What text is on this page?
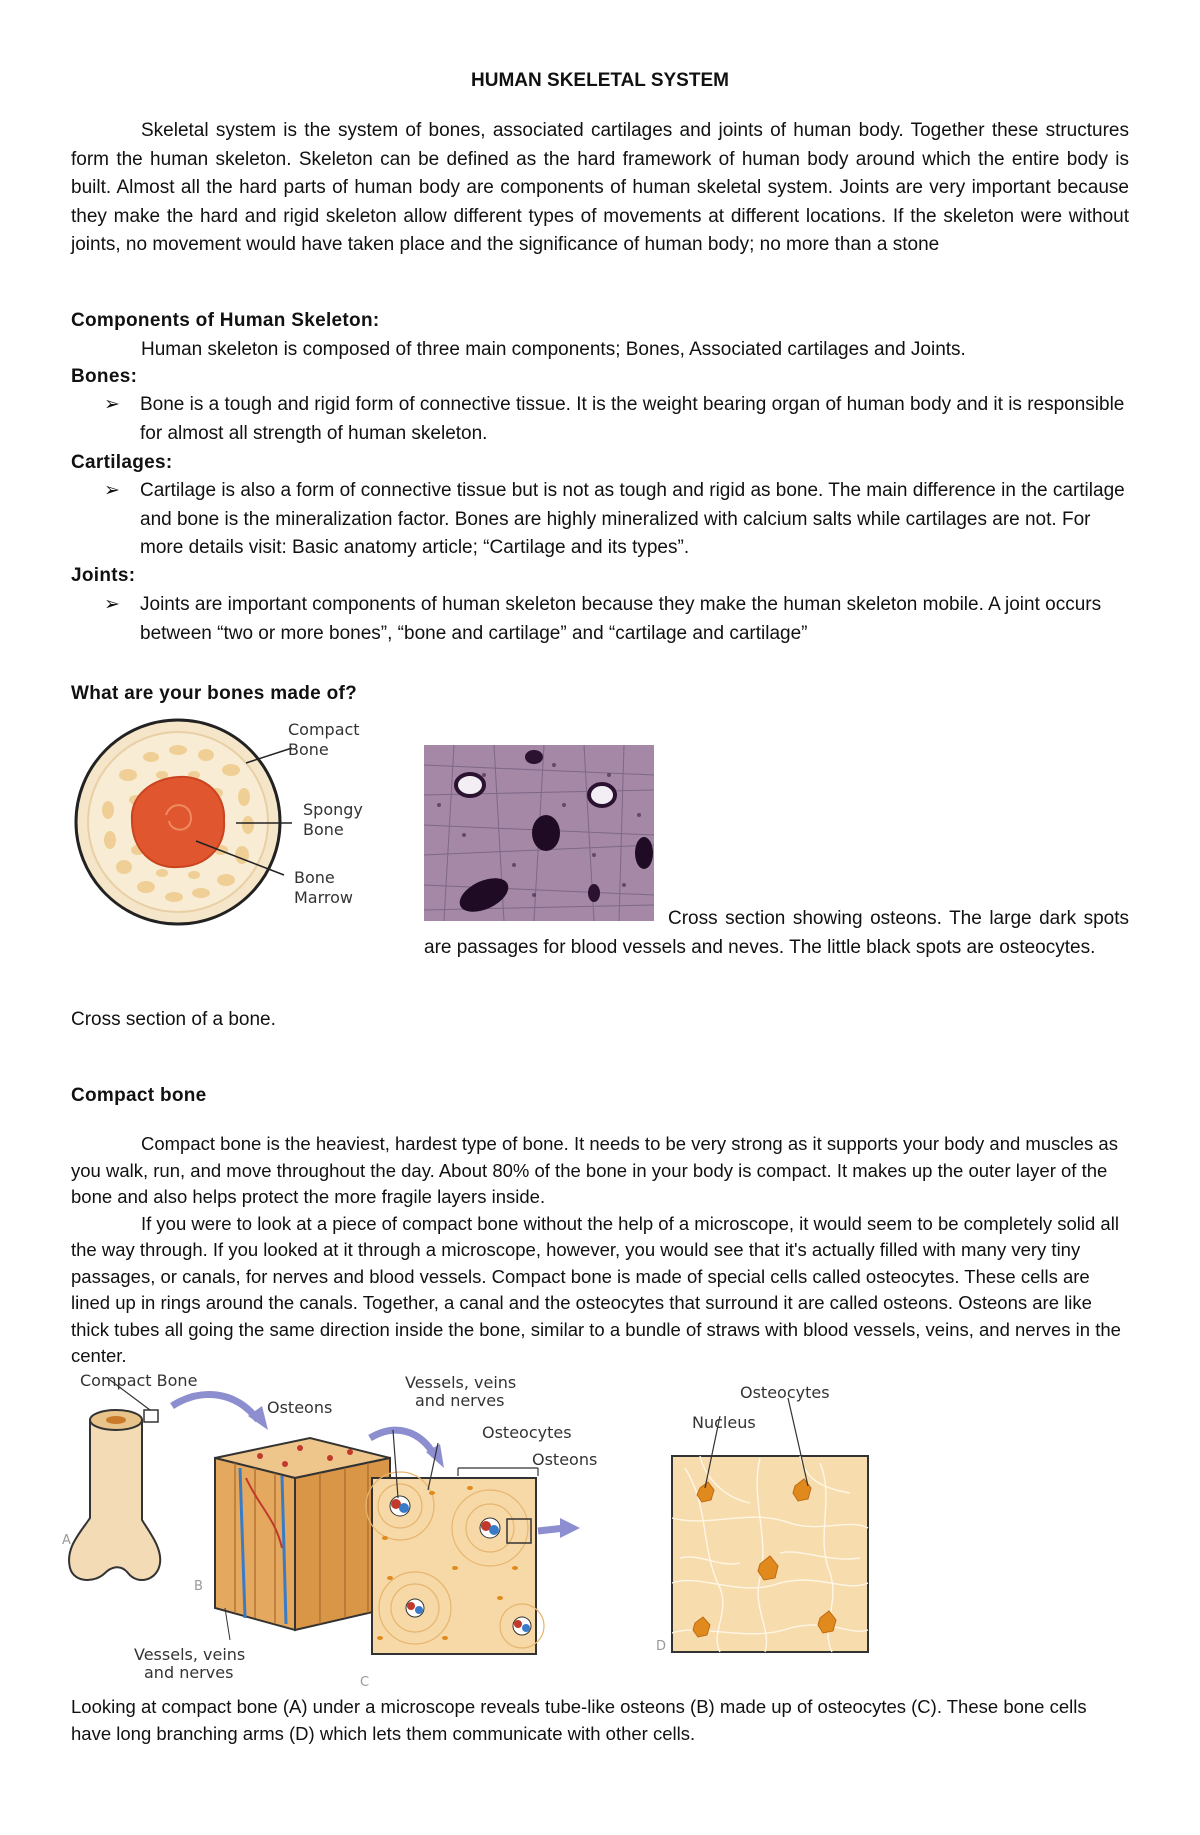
HUMAN SKELETAL SYSTEM
Skeletal system is the system of bones, associated cartilages and joints of human body. Together these structures form the human skeleton. Skeleton can be defined as the hard framework of human body around which the entire body is built. Almost all the hard parts of human body are components of human skeletal system. Joints are very important because they make the hard and rigid skeleton allow different types of movements at different locations. If the skeleton were without joints, no movement would have taken place and the significance of human body; no more than a stone
Components of Human Skeleton:
Human skeleton is composed of three main components; Bones, Associated cartilages and Joints.
Bones:
➢	Bone is a tough and rigid form of connective tissue. It is the weight bearing organ of human body and it is responsible for almost all strength of human skeleton.
Cartilages:
➢	Cartilage is also a form of connective tissue but is not as tough and rigid as bone. The main difference in the cartilage and bone is the mineralization factor. Bones are highly mineralized with calcium salts while cartilages are not. For more details visit: Basic anatomy article; “Cartilage and its types”.
Joints:
➢	Joints are important components of human skeleton because they make the human skeleton mobile. A joint occurs between “two or more bones”, “bone and cartilage” and “cartilage and cartilage”
What are your bones made of?
Compact
Bone
Spongy
Bone
Bone
Marrow
Cross section showing osteons. The large dark spots are passages for blood vessels and neves. The little black spots are osteocytes.
Cross section of a bone.
Compact bone

Compact bone is the heaviest, hardest type of bone. It needs to be very strong as it supports your body and muscles as you walk, run, and move throughout the day. About 80% of the bone in your body is compact. It makes up the outer layer of the bone and also helps protect the more fragile layers inside.

If you were to look at a piece of compact bone without the help of a microscope, it would seem to be completely solid all the way through. If you looked at it through a microscope, however, you would see that it's actually filled with many very tiny passages, or canals, for nerves and blood vessels. Compact bone is made of special cells called osteocytes. These cells are lined up in rings around the canals. Together, a canal and the osteocytes that surround it are called osteons. Osteons are like thick tubes all going the same direction inside the bone, similar to a bundle of straws with blood vessels, veins, and nerves in the center.

Compact Bone
Osteons
Vessels, veins
and nerves
Osteocytes
Osteons
Osteocytes
Nucleus
Vessels, veins
and nerves
A
B
C
D
Looking at compact bone (A) under a microscope reveals tube-like osteons (B) made up of osteocytes (C). These bone cells have long branching arms (D) which lets them communicate with other cells.
